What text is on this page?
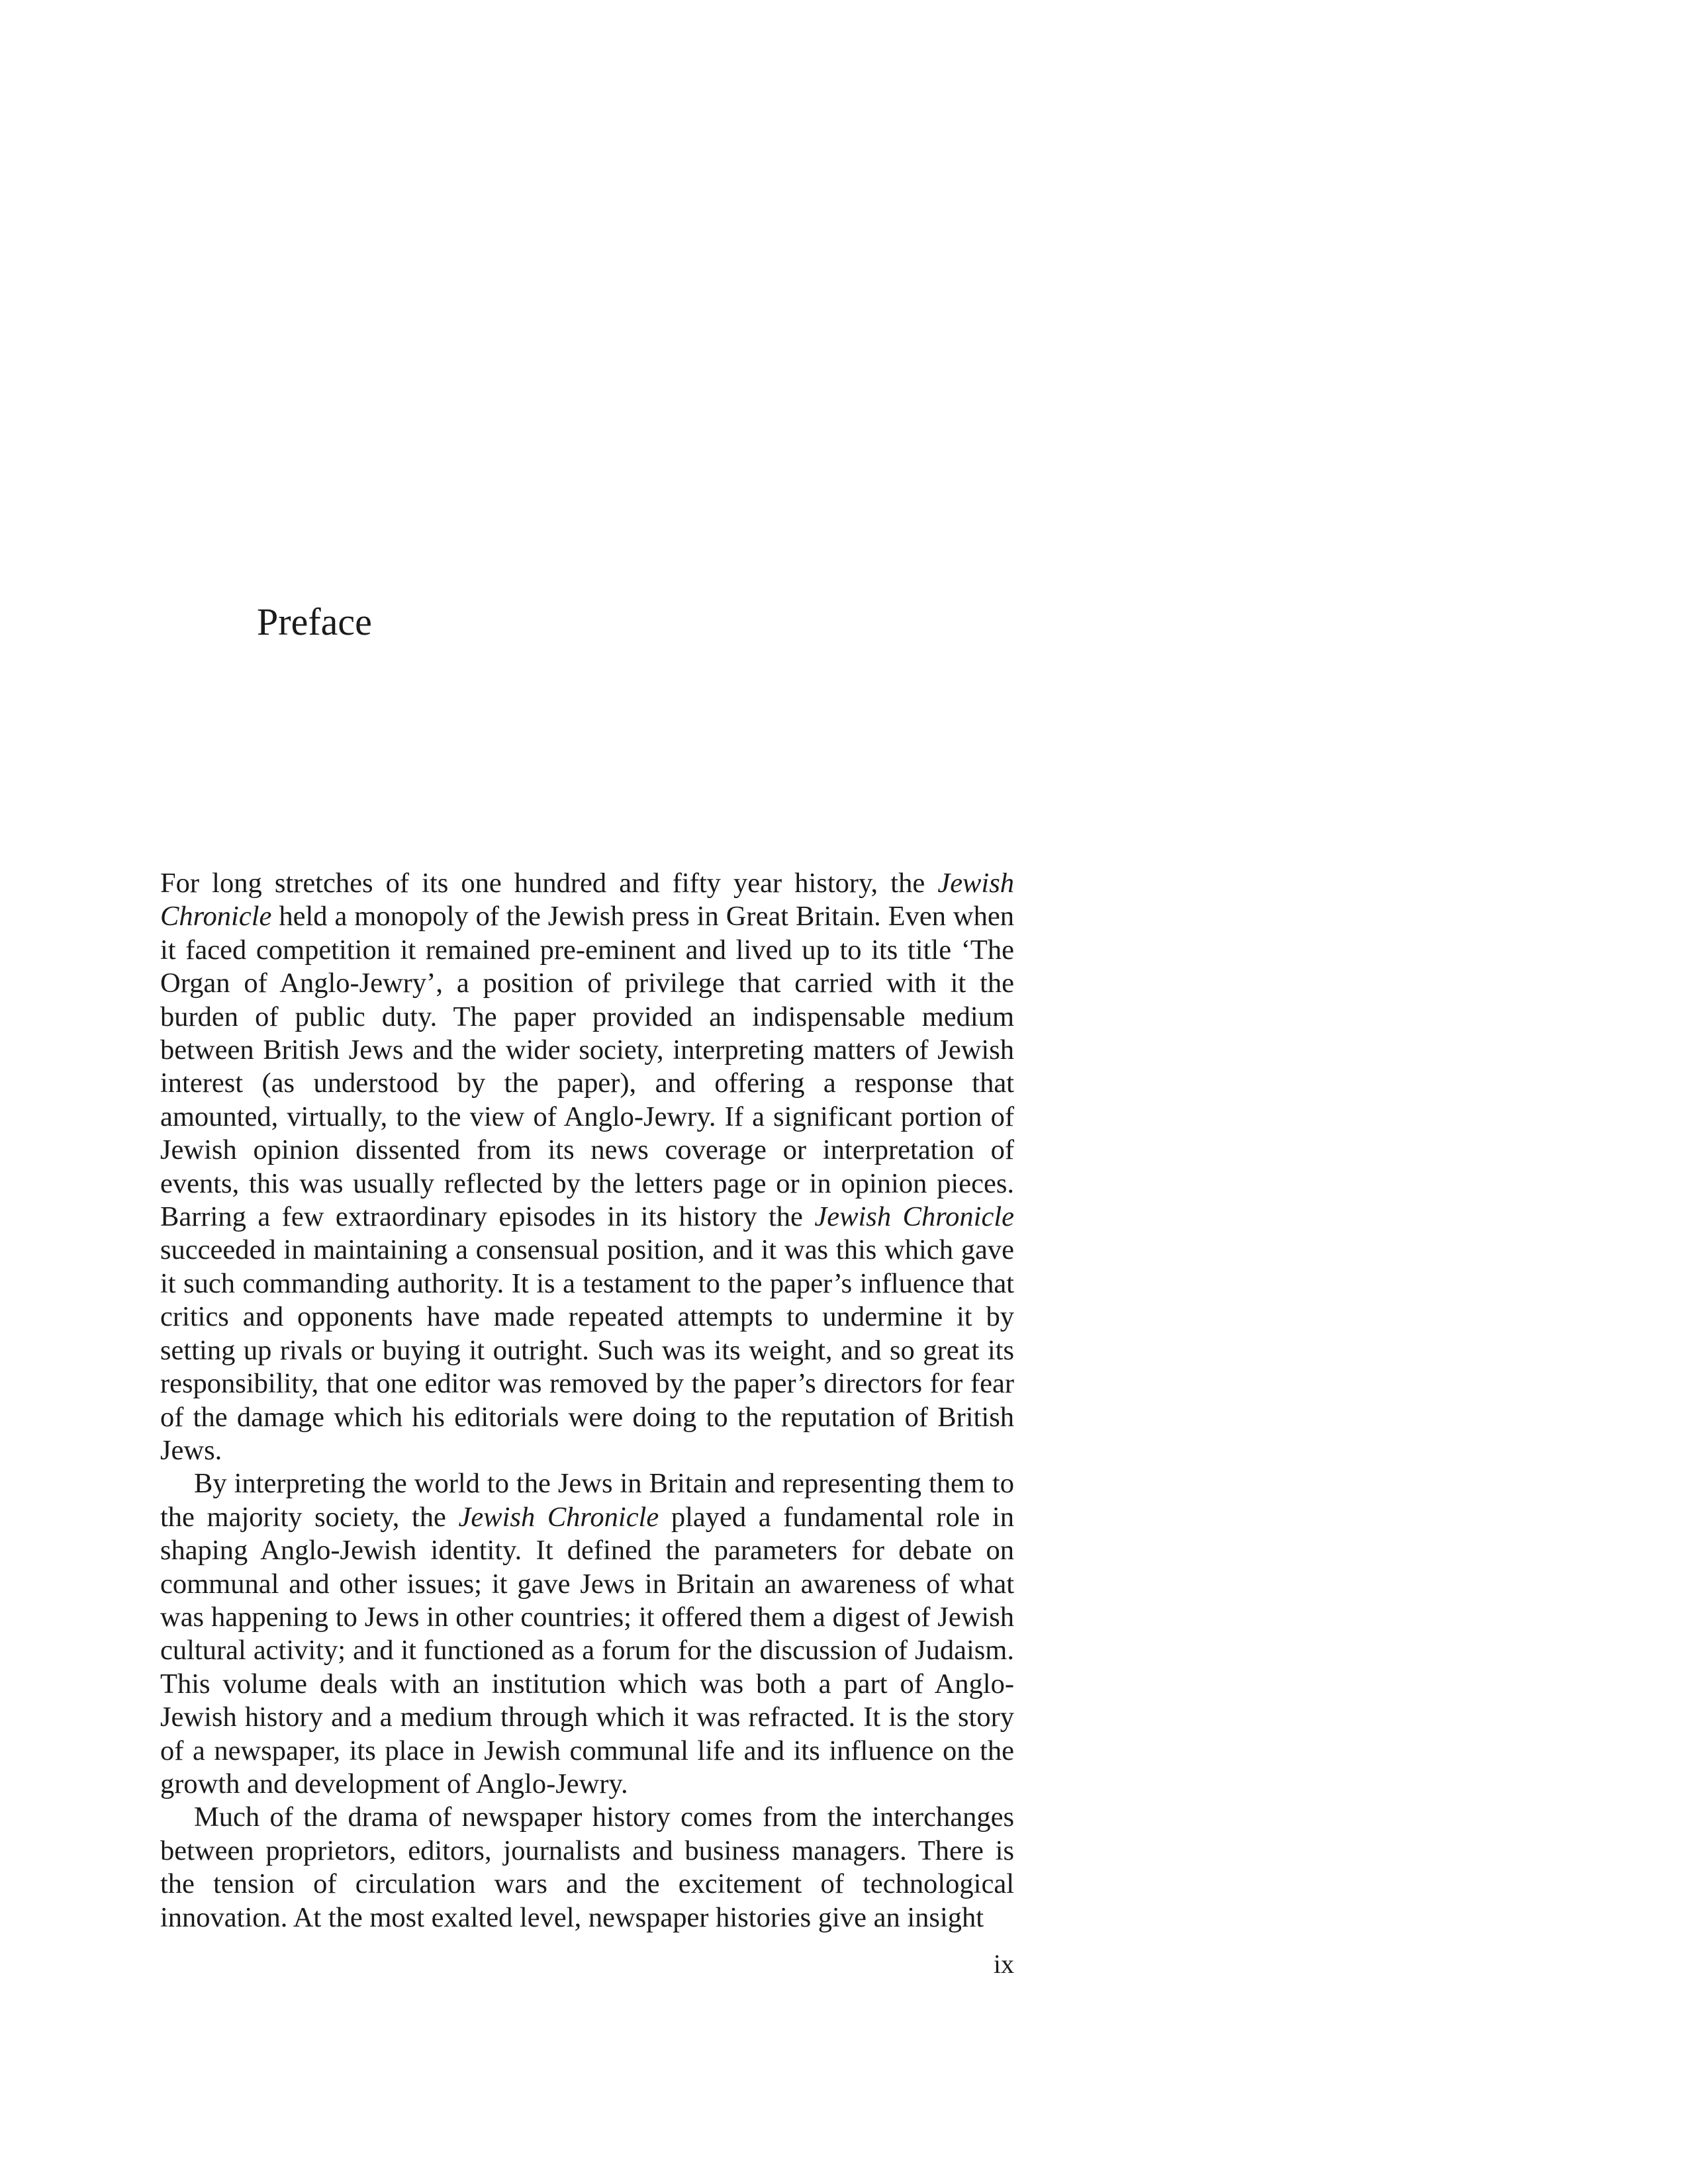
Preface

For long stretches of its one hundred and fifty year history, the Jewish Chronicle held a monopoly of the Jewish press in Great Britain. Even when it faced competition it remained pre-eminent and lived up to its title ‘The Organ of Anglo-Jewry’, a position of privilege that carried with it the burden of public duty. The paper provided an indispensable medium between British Jews and the wider society, interpreting matters of Jewish interest (as understood by the paper), and offering a response that amounted, virtually, to the view of Anglo-Jewry. If a significant portion of Jewish opinion dissented from its news coverage or interpretation of events, this was usually reflected by the letters page or in opinion pieces. Barring a few extraordinary episodes in its history the Jewish Chronicle succeeded in maintaining a consensual position, and it was this which gave it such commanding authority. It is a testament to the paper’s influence that critics and opponents have made repeated attempts to undermine it by setting up rivals or buying it outright. Such was its weight, and so great its responsibility, that one editor was removed by the paper’s directors for fear of the damage which his editorials were doing to the reputation of British Jews.

By interpreting the world to the Jews in Britain and representing them to the majority society, the Jewish Chronicle played a fundamental role in shaping Anglo-Jewish identity. It defined the parameters for debate on communal and other issues; it gave Jews in Britain an awareness of what was happening to Jews in other countries; it offered them a digest of Jewish cultural activity; and it functioned as a forum for the discussion of Judaism. This volume deals with an institution which was both a part of Anglo-Jewish history and a medium through which it was refracted. It is the story of a newspaper, its place in Jewish communal life and its influence on the growth and development of Anglo-Jewry.

Much of the drama of newspaper history comes from the interchanges between proprietors, editors, journalists and business managers. There is the tension of circulation wars and the excitement of technological innovation. At the most exalted level, newspaper histories give an insight

ix
